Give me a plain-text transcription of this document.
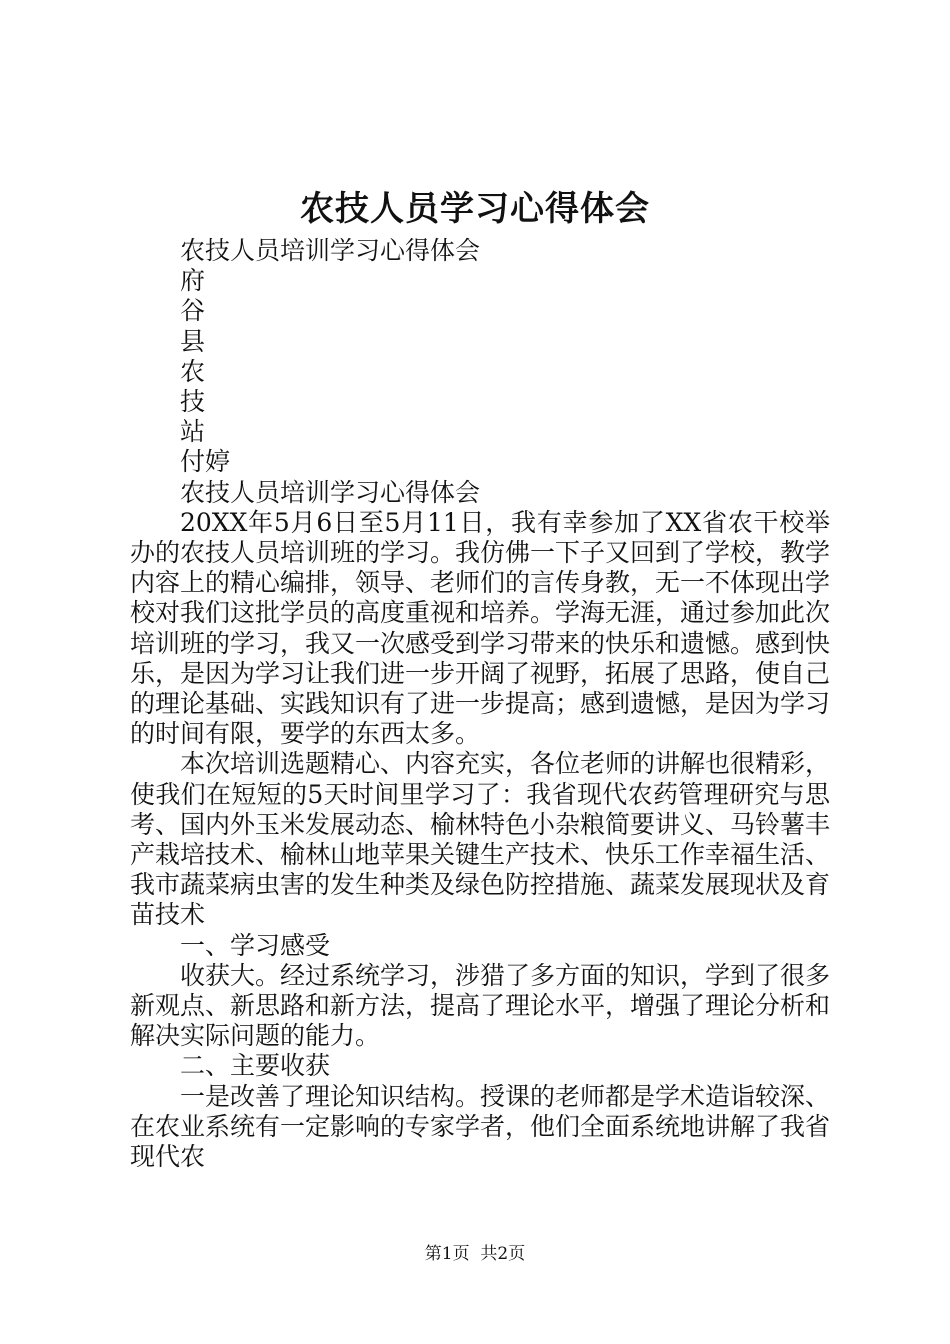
农技人员学习心得体会
农技人员培训学习心得体会
府
谷
县
农
技
站
付婷
农技人员培训学习心得体会
20XX年5月6日至5月11日，我有幸参加了XX省农干校举办的农技人员培训班的学习。我仿佛一下子又回到了学校，教学内容上的精心编排，领导、老师们的言传身教，无一不体现出学校对我们这批学员的高度重视和培养。学海无涯，通过参加此次培训班的学习，我又一次感受到学习带来的快乐和遗憾。感到快乐，是因为学习让我们进一步开阔了视野，拓展了思路，使自己的理论基础、实践知识有了进一步提高；感到遗憾，是因为学习的时间有限，要学的东西太多。
本次培训选题精心、内容充实，各位老师的讲解也很精彩，使我们在短短的5天时间里学习了：我省现代农药管理研究与思考、国内外玉米发展动态、榆林特色小杂粮简要讲义、马铃薯丰产栽培技术、榆林山地苹果关键生产技术、快乐工作幸福生活、我市蔬菜病虫害的发生种类及绿色防控措施、蔬菜发展现状及育苗技术
一、学习感受
收获大。经过系统学习，涉猎了多方面的知识，学到了很多新观点、新思路和新方法，提高了理论水平，增强了理论分析和解决实际问题的能力。
二、主要收获
一是改善了理论知识结构。授课的老师都是学术造诣较深、在农业系统有一定影响的专家学者，他们全面系统地讲解了我省现代农
第1页  共2页
